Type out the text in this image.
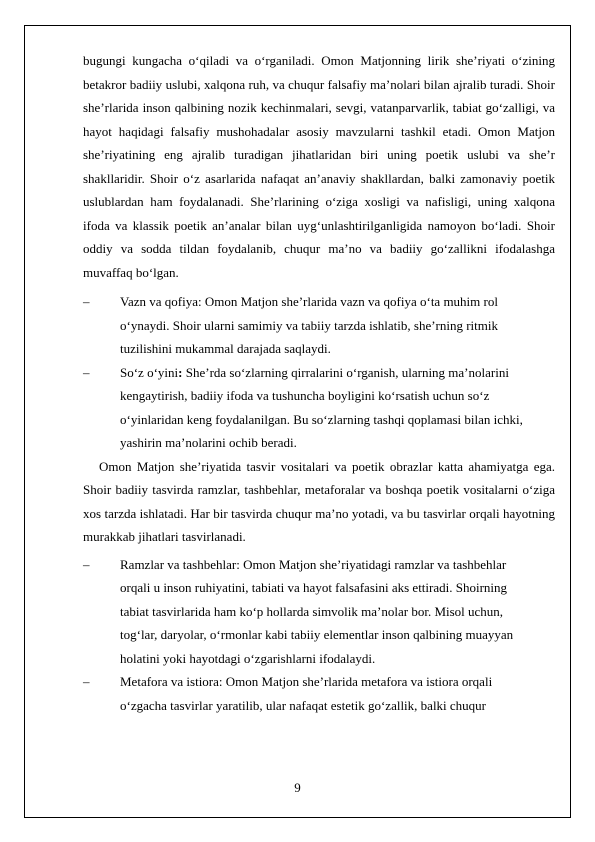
bugungi kungacha o‘qiladi va o‘rganiladi. Omon Matjonning lirik she’riyati o‘zining betakror badiiy uslubi, xalqona ruh, va chuqur falsafiy ma’nolari bilan ajralib turadi. Shoir she’rlarida inson qalbining nozik kechinmalari, sevgi, vatanparvarlik, tabiat go‘zalligi, va hayot haqidagi falsafiy mushohadalar asosiy mavzularni tashkil etadi. Omon Matjon she’riyatining eng ajralib turadigan jihatlaridan biri uning poetik uslubi va she’r shakllaridir. Shoir o‘z asarlarida nafaqat an’anaviy shakllardan, balki zamonaviy poetik uslublardan ham foydalanadi. She’rlarining o‘ziga xosligi va nafisligi, uning xalqona ifoda va klassik poetik an’analar bilan uyg‘unlashtirilganligida namoyon bo‘ladi. Shoir oddiy va sodda tildan foydalanib, chuqur ma’no va badiiy go‘zallikni ifodalashga muvaffaq bo‘lgan.

– Vazn va qofiya: Omon Matjon she’rlarida vazn va qofiya o‘ta muhim rol o‘ynaydi. Shoir ularni samimiy va tabiiy tarzda ishlatib, she’rning ritmik tuzilishini mukammal darajada saqlaydi.
– So‘z o‘yini: She’rda so‘zlarning qirralarini o‘rganish, ularning ma’nolarini kengaytirish, badiiy ifoda va tushuncha boyligini ko‘rsatish uchun so‘z o‘yinlaridan keng foydalanilgan. Bu so‘zlarning tashqi qoplamasi bilan ichki, yashirin ma’nolarini ochib beradi.

Omon Matjon she’riyatida tasvir vositalari va poetik obrazlar katta ahamiyatga ega. Shoir badiiy tasvirda ramzlar, tashbehlar, metaforalar va boshqa poetik vositalarni o‘ziga xos tarzda ishlatadi. Har bir tasvirda chuqur ma’no yotadi, va bu tasvirlar orqali hayotning murakkab jihatlari tasvirlanadi.

– Ramzlar va tashbehlar: Omon Matjon she’riyatidagi ramzlar va tashbehlar orqali u inson ruhiyatini, tabiati va hayot falsafasini aks ettiradi. Shoirning tabiat tasvirlarida ham ko‘p hollarda simvolik ma’nolar bor. Misol uchun, tog‘lar, daryolar, o‘rmonlar kabi tabiiy elementlar inson qalbining muayyan holatini yoki hayotdagi o‘zgarishlarni ifodalaydi.
– Metafora va istiora: Omon Matjon she’rlarida metafora va istiora orqali o‘zgacha tasvirlar yaratilib, ular nafaqat estetik go‘zallik, balki chuqur
9
